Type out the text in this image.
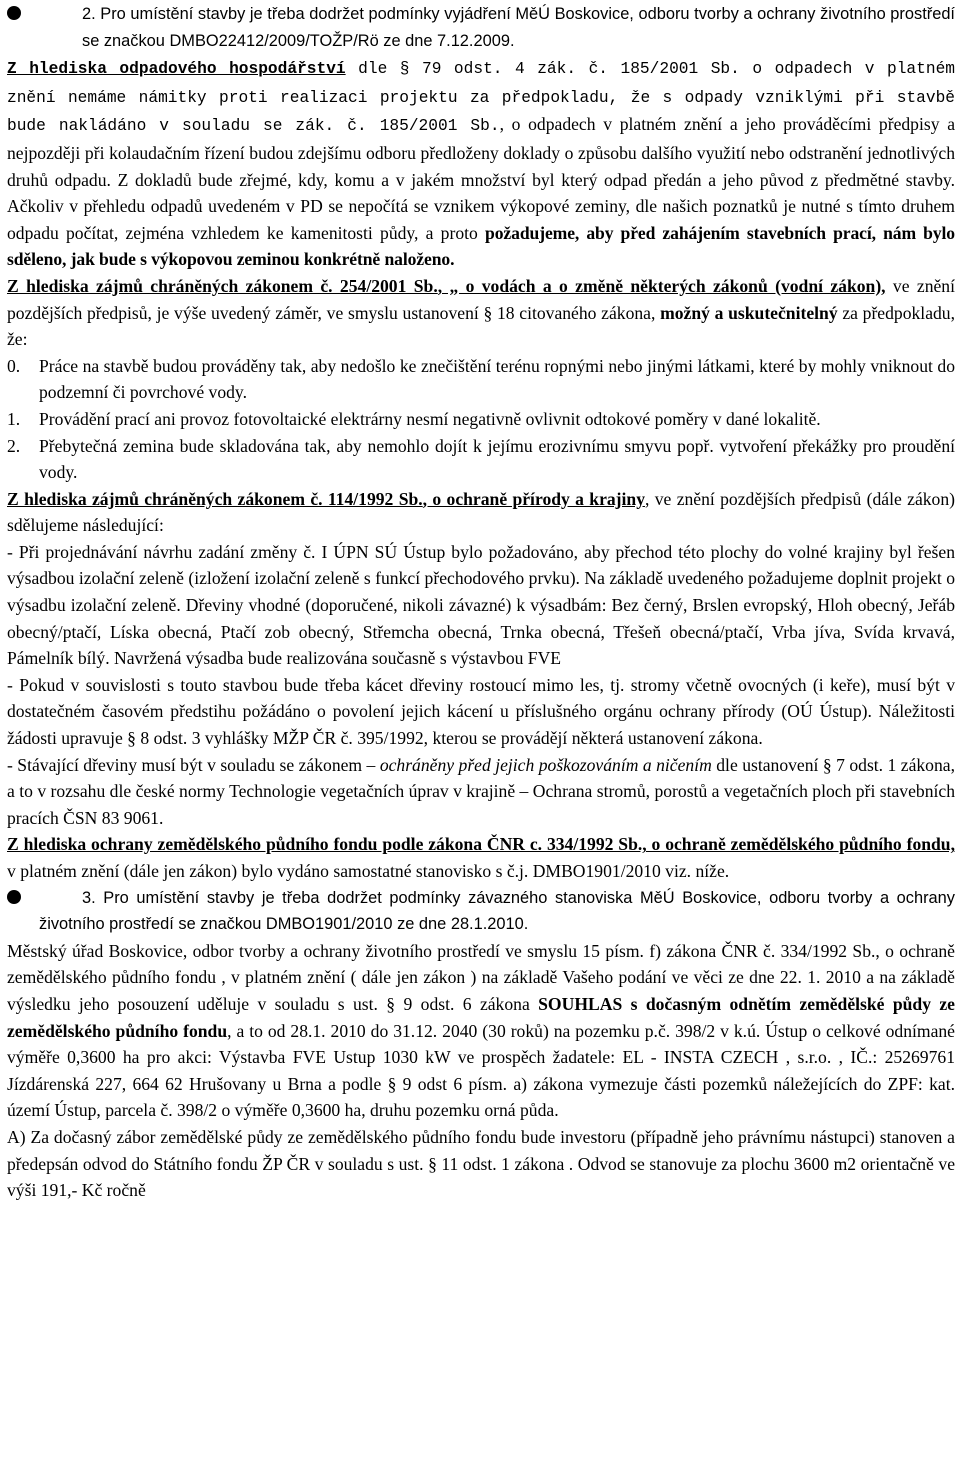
2. Pro umístění stavby je třeba dodržet podmínky vyjádření MěÚ Boskovice, odboru tvorby a ochrany životního prostředí se značkou DMBO22412/2009/TOŽP/Rö ze dne 7.12.2009.

Z hlediska odpadového hospodářství dle § 79 odst. 4 zák. č. 185/2001 Sb. o odpadech v platném znění nemáme námitky proti realizaci projektu za předpokladu, že s odpady vzniklými při stavbě bude nakládáno v souladu se zák. č. 185/2001 Sb., o odpadech v platném znění a jeho prováděcími předpisy a nejpozději při kolaudačním řízení budou zdejšímu odboru předloženy doklady o způsobu dalšího využití nebo odstranění jednotlivých druhů odpadu. Z dokladů bude zřejmé, kdy, komu a v jakém množství byl který odpad předán a jeho původ z předmětné stavby. Ačkoliv v přehledu odpadů uvedeném v PD se nepočítá se vznikem výkopové zeminy, dle našich poznatků je nutné s tímto druhem odpadu počítat, zejména vzhledem ke kamenitosti půdy, a proto požadujeme, aby před zahájením stavebních prací, nám bylo sděleno, jak bude s výkopovou zeminou konkrétně naloženo.

Z hlediska zájmů chráněných zákonem č. 254/2001 Sb., „ o vodách a o změně některých zákonů (vodní zákon), ve znění pozdějších předpisů, je výše uvedený záměr, ve smyslu ustanovení § 18 citovaného zákona, možný a uskutečnitelný za předpokladu, že:

0. Práce na stavbě budou prováděny tak, aby nedošlo ke znečištění terénu ropnými nebo jinými látkami, které by mohly vniknout do podzemní či povrchové vody.

1. Provádění prací ani provoz fotovoltaické elektrárny nesmí negativně ovlivnit odtokové poměry v dané lokalitě.

2. Přebytečná zemina bude skladována tak, aby nemohlo dojít k jejímu erozivnímu smyvu popř. vytvoření překážky pro proudění vody.

Z hlediska zájmů chráněných zákonem č. 114/1992 Sb., o ochraně přírody a krajiny, ve znění pozdějších předpisů (dále zákon) sdělujeme následující:

- Při projednávání návrhu zadání změny č. I ÚPN SÚ Ústup bylo požadováno, aby přechod této plochy do volné krajiny byl řešen výsadbou izolační zeleně (izložení izolační zeleně s funkcí přechodového prvku). Na základě uvedeného požadujeme doplnit projekt o výsadbu izolační zeleně. Dřeviny vhodné (doporučené, nikoli závazné) k výsadbám: Bez černý, Brslen evropský, Hloh obecný, Jeřáb obecný/ptačí, Líska obecná, Ptačí zob obecný, Střemcha obecná, Trnka obecná, Třešeň obecná/ptačí, Vrba jíva, Svída krvavá, Pámelník bílý. Navržená výsadba bude realizována současně s výstavbou FVE

- Pokud v souvislosti s touto stavbou bude třeba kácet dřeviny rostoucí mimo les, tj. stromy včetně ovocných (i keře), musí být v dostatečném časovém předstihu požádáno o povolení jejich kácení u příslušného orgánu ochrany přírody (OÚ Ústup). Náležitosti žádosti upravuje § 8 odst. 3 vyhlášky MŽP ČR č. 395/1992, kterou se provádějí některá ustanovení zákona.

- Stávající dřeviny musí být v souladu se zákonem – ochráněny před jejich poškozováním a ničením dle ustanovení § 7 odst. 1 zákona, a to v rozsahu dle české normy Technologie vegetačních úprav v krajině – Ochrana stromů, porostů a vegetačních ploch při stavebních pracích ČSN 83 9061.

Z hlediska ochrany zemědělského půdního fondu podle zákona ČNR c. 334/1992 Sb., o ochraně zemědělského půdního fondu, v platném znění (dále jen zákon) bylo vydáno samostatné stanovisko s č.j. DMBO1901/2010 viz. níže.

3. Pro umístění stavby je třeba dodržet podmínky závazného stanoviska MěÚ Boskovice, odboru tvorby a ochrany životního prostředí se značkou DMBO1901/2010 ze dne 28.1.2010.

Městský úřad Boskovice, odbor tvorby a ochrany životního prostředí ve smyslu 15 písm. f) zákona ČNR č. 334/1992 Sb., o ochraně zemědělského půdního fondu , v platném znění ( dále jen zákon ) na základě Vašeho podání ve věci ze dne 22. 1. 2010 a na základě výsledku jeho posouzení uděluje v souladu s ust. § 9 odst. 6 zákona SOUHLAS s dočasným odnětím zemědělské půdy ze zemědělského půdního fondu, a to od 28.1. 2010 do 31.12. 2040 (30 roků) na pozemku p.č. 398/2 v k.ú. Ústup o celkové odnímané výměře 0,3600 ha pro akci: Výstavba FVE Ustup 1030 kW ve prospěch žadatele: EL - INSTA CZECH , s.r.o. , IČ.: 25269761 Jízdárenská 227, 664 62 Hrušovany u Brna a podle § 9 odst 6 písm. a) zákona vymezuje části pozemků náležejících do ZPF: kat. území Ústup, parcela č. 398/2 o výměře 0,3600 ha, druhu pozemku orná půda.

A) Za dočasný zábor zemědělské půdy ze zemědělského půdního fondu bude investoru (případně jeho právnímu nástupci) stanoven a předepsán odvod do Státního fondu ŽP ČR v souladu s ust. § 11 odst. 1 zákona . Odvod se stanovuje za plochu 3600 m2 orientačně ve výši 191,- Kč ročně
